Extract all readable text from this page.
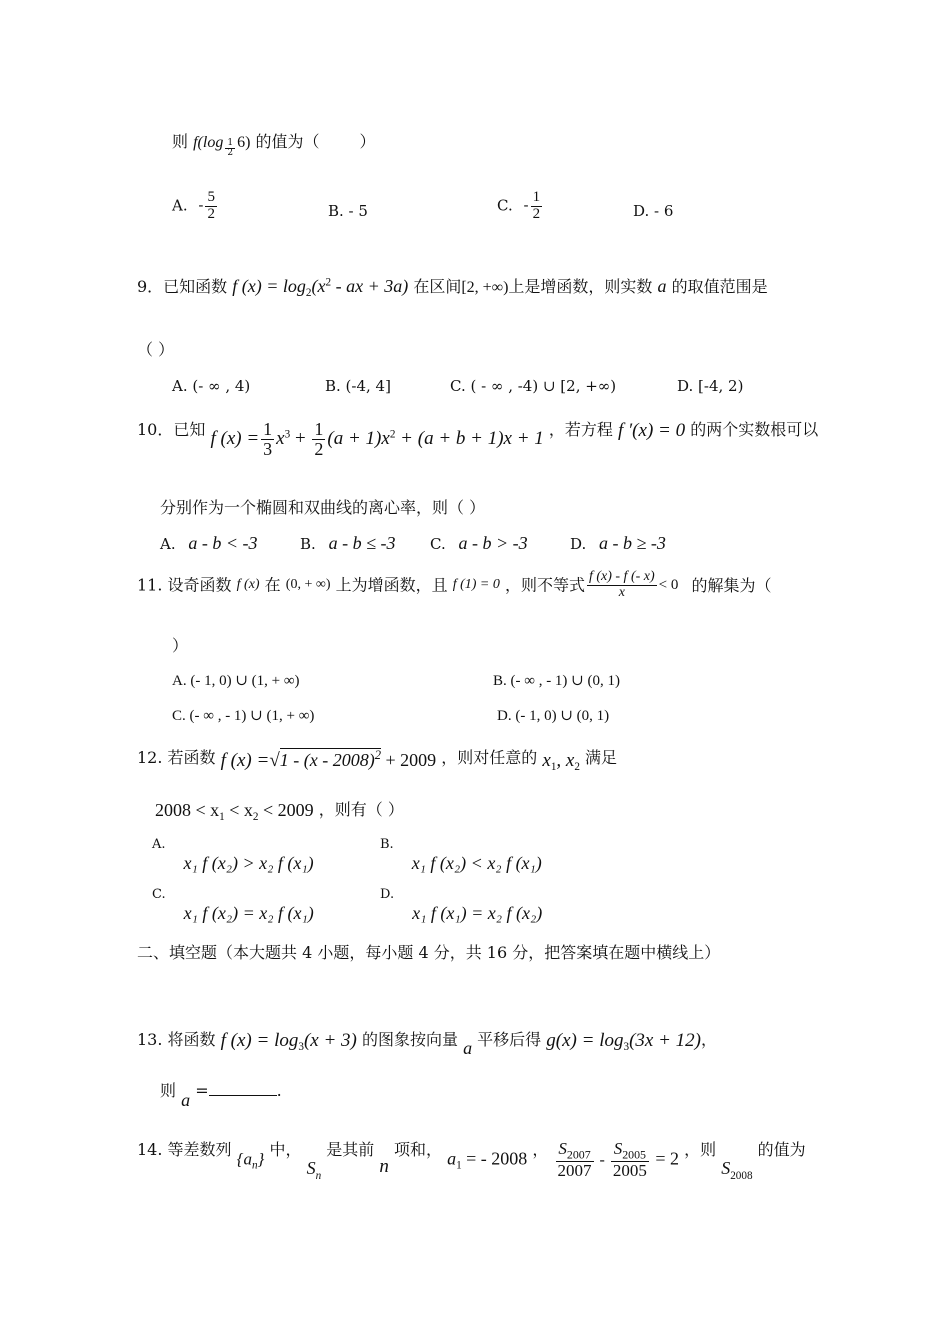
则 $f(\log \frac{1}{2} 6)$ 的值为（	）
A. - $\frac{5}{2}$	B. - 5	C. - $\frac{1}{2}$	D. - 6
9．已知函数 f $(x) = \log_2(x^2$ - ax + 3a) 在区间[2, +∞)上是增函数，则实数 a 的取值范围是
（ ）
A. (- ∞ , 4)	B. (-4, 4]	C. ( - ∞ , -4) ∪ [2, +∞)	D. [-4, 2)
10．已知 f $(x) = \frac{1}{3} x^3 + \frac{1}{2} (a + 1)x^2 + (a + b + 1)x + 1$ ，若方程 f ′(x) = 0 的两个实数根可以
分别作为一个椭圆和双曲线的离心率，则（ ）
A. a - b < -3	B. a - b ≤ -3 C. a - b > -3	D. a - b ≥ -3
11. 设奇函数 f (x) 在 (0, + ∞) 上为增函数，且 f (1) = 0 ，则不等式 $\frac{f (x) - f (- x)}{x} < 0$ 的解集为（
）
A. (- 1, 0) ∪ (1, + ∞)	B. (- ∞ , - 1) ∪ (0, 1)
C. (- ∞ , - 1) ∪ (1, + ∞)	D. (- 1, 0) ∪ (0, 1)
12. 若函数 f (x) =√1 - (x - 2008)$^2$ + 2009 ，则对任意的 $x_1$, $x_2$ 满足
$2008 < x_1 < x_2 < 2009$ ，则有（ ）
A.x₁ f (x₂) > x₂ f (x₁)
B.x₁ f (x₂) < x₂ f (x₁)
C.x₁ f (x₂) = x₂ f (x₁)
D.x₁ f (x₁) = x₂ f (x₂)
二、填空题（本大题共 4 小题，每小题 4 分，共 16 分，把答案填在题中横线上）
13. 将函数 f $(x) = \log_3(x + 3)$ 的图象按向量 a 平移后得 $g(x) = \log_3(3x + 12)$，
则 a =	.
14. 等差数列 $\{a_n\}$ 中， $S_n$ 是其前 n 项和， $a_1$ = - 2008 ， $\frac{S_{2007}}{2007} - \frac{S_{2005}}{2005} = 2$ ，则 $S_{2008}$ 的值为
